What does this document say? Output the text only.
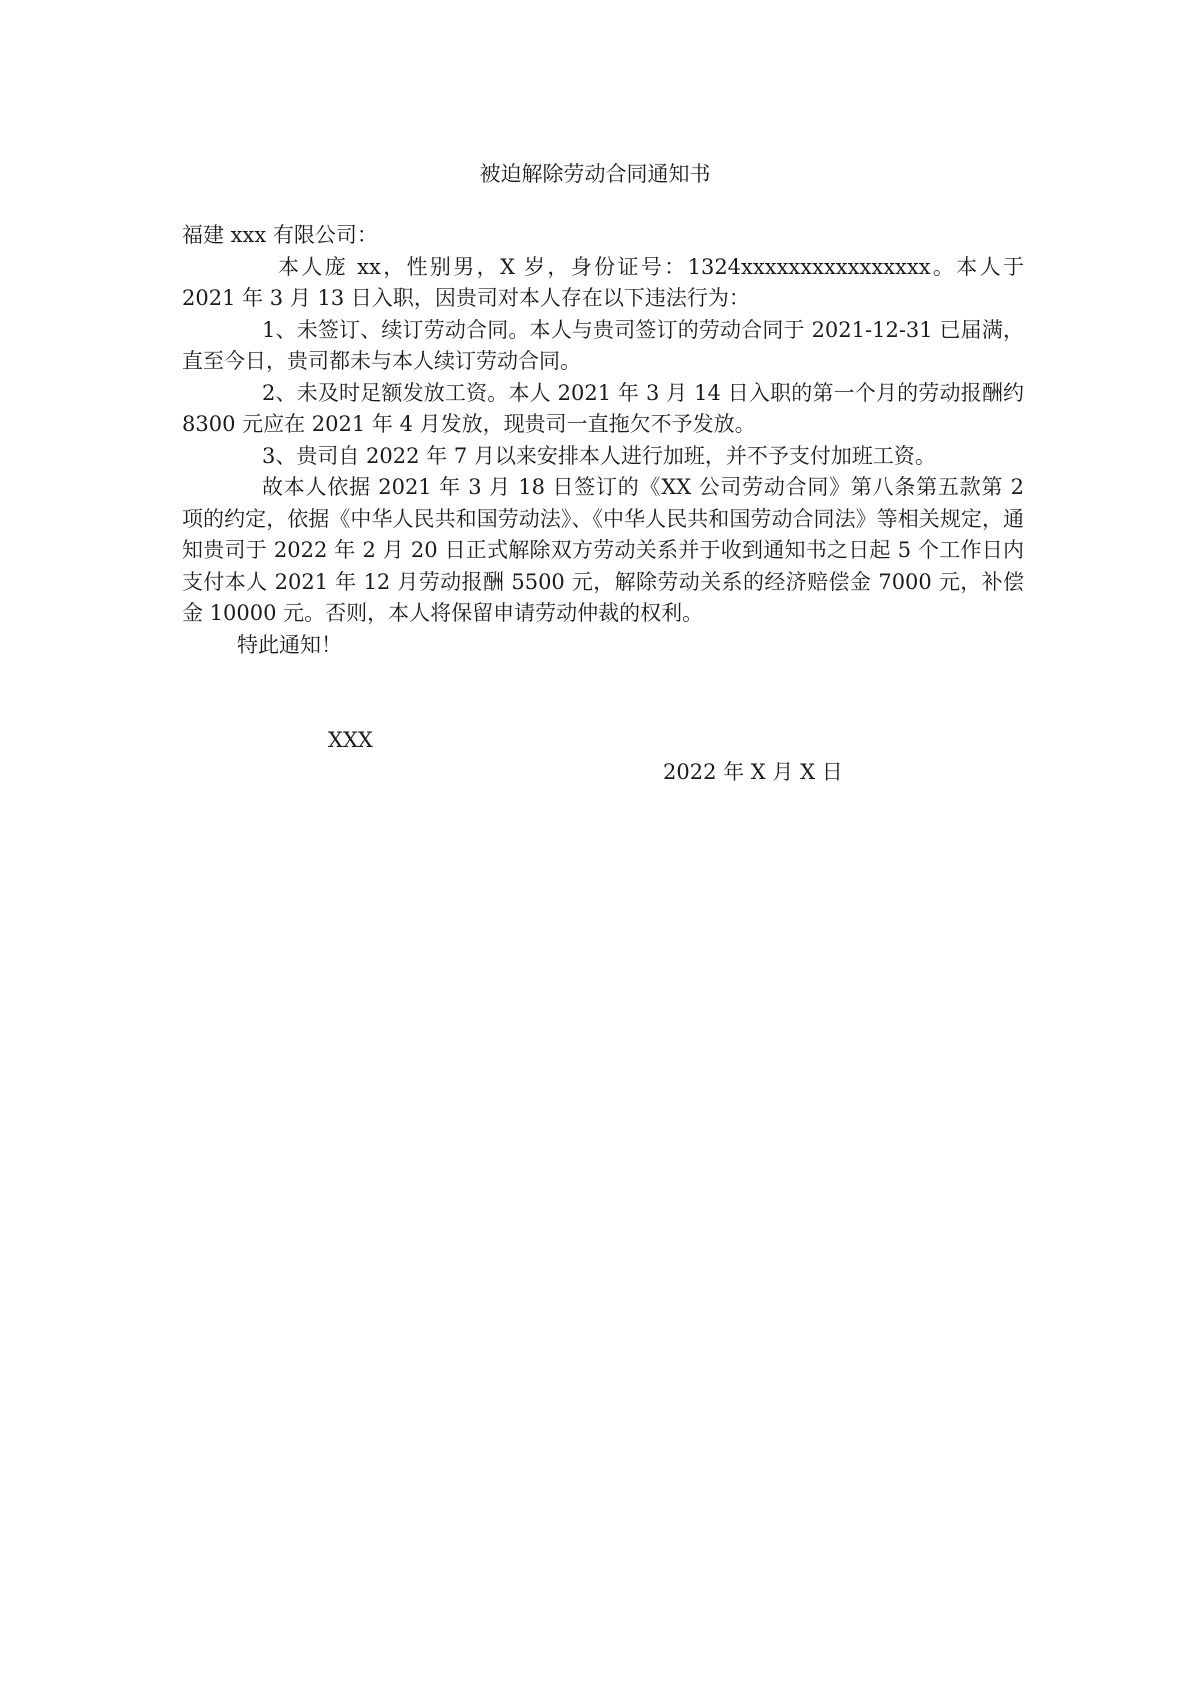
被迫解除劳动合同通知书

福建 xxx 有限公司：

本人庞 xx，性别男，X 岁，身份证号：1324xxxxxxxxxxxxxxxx。本人于 2021 年 3 月 13 日入职，因贵司对本人存在以下违法行为：

1、未签订、续订劳动合同。本人与贵司签订的劳动合同于 2021-12-31 已届满，直至今日，贵司都未与本人续订劳动合同。

2、未及时足额发放工资。本人 2021 年 3 月 14 日入职的第一个月的劳动报酬约 8300 元应在 2021 年 4 月发放，现贵司一直拖欠不予发放。

3、贵司自 2022 年 7 月以来安排本人进行加班，并不予支付加班工资。

故本人依据 2021 年 3 月 18 日签订的《XX 公司劳动合同》第八条第五款第 2 项的约定，依据《中华人民共和国劳动法》、《中华人民共和国劳动合同法》等相关规定，通知贵司于 2022 年 2 月 20 日正式解除双方劳动关系并于收到通知书之日起 5 个工作日内支付本人 2021 年 12 月劳动报酬 5500 元，解除劳动关系的经济赔偿金 7000 元，补偿金 10000 元。否则，本人将保留申请劳动仲裁的权利。

特此通知！

XXX
2022 年 X 月 X 日
